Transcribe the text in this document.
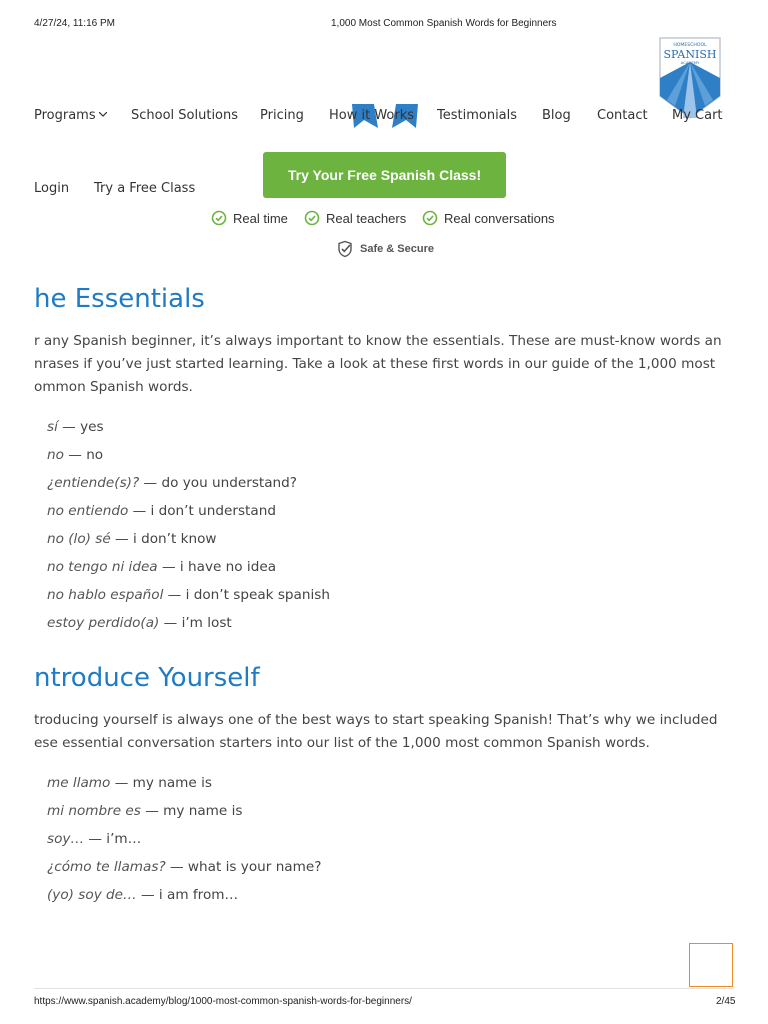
4/27/24, 11:16 PM	1,000 Most Common Spanish Words for Beginners
HOMESCHOOL
SPANISH
ACADEMY
Programs	School Solutions Pricing How it Works Testimonials Blog Contact My Cart
Login Try a Free Class
Try Your Free Spanish Class!
Real time	Real teachers	Real conversations
Safe & Secure
he Essentials
r any Spanish beginner, it’s always important to know the essentials. These are must-know words an
nrases if you’ve just started learning. Take a look at these first words in our guide of the 1,000 most
ommon Spanish words.
sí — yes
no — no
¿entiende(s)? — do you understand?
no entiendo — i don’t understand
no (lo) sé — i don’t know
no tengo ni idea — i have no idea
no hablo español — i don’t speak spanish
estoy perdido(a) — i’m lost
ntroduce Yourself
troducing yourself is always one of the best ways to start speaking Spanish! That’s why we included
ese essential conversation starters into our list of the 1,000 most common Spanish words.
me llamo — my name is
mi nombre es — my name is
soy… — i’m…
¿cómo te llamas? — what is your name?
(yo) soy de… — i am from…
https://www.spanish.academy/blog/1000-most-common-spanish-words-for-beginners/	2/45
